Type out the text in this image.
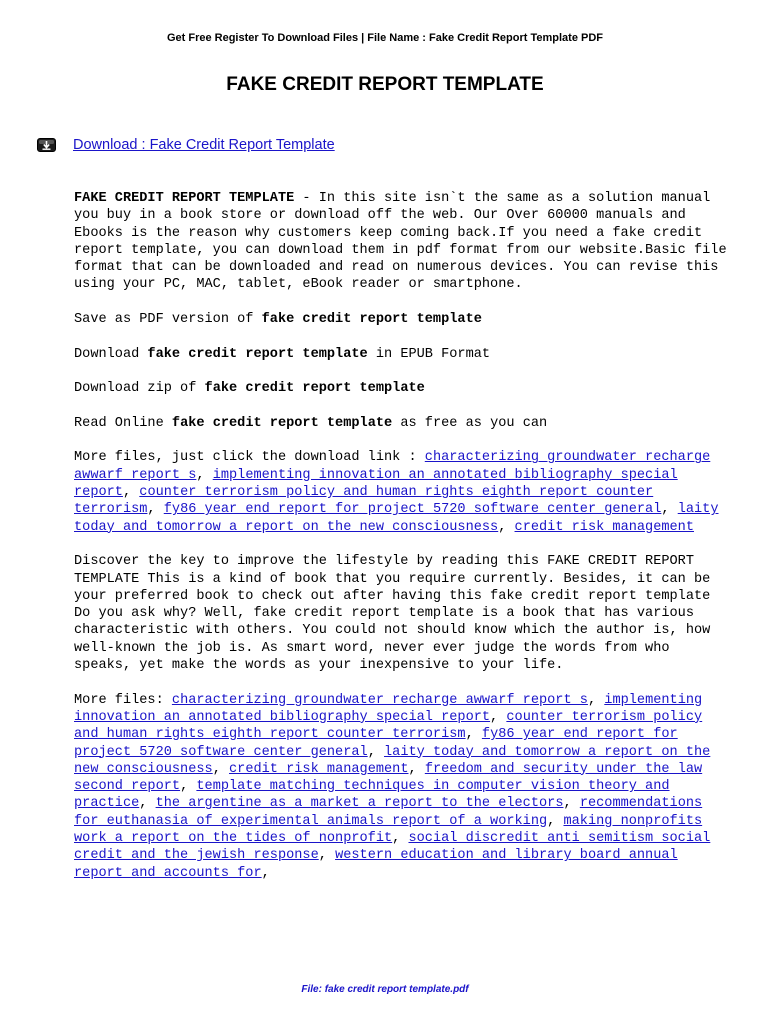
Get Free Register To Download Files | File Name : Fake Credit Report Template PDF
FAKE CREDIT REPORT TEMPLATE
Download : Fake Credit Report Template

FAKE CREDIT REPORT TEMPLATE - In this site isn`t the same as a solution manual you buy in a book store or download off the web. Our Over 60000 manuals and Ebooks is the reason why customers keep coming back.If you need a fake credit report template, you can download them in pdf format from our website.Basic file format that can be downloaded and read on numerous devices. You can revise this using your PC, MAC, tablet, eBook reader or smartphone.

Save as PDF version of fake credit report template

Download fake credit report template in EPUB Format

Download zip of fake credit report template

Read Online fake credit report template as free as you can

More files, just click the download link : characterizing groundwater recharge awwarf report s, implementing innovation an annotated bibliography special report, counter terrorism policy and human rights eighth report counter terrorism, fy86 year end report for project 5720 software center general, laity today and tomorrow a report on the new consciousness, credit risk management

Discover the key to improve the lifestyle by reading this FAKE CREDIT REPORT TEMPLATE This is a kind of book that you require currently. Besides, it can be your preferred book to check out after having this fake credit report template Do you ask why? Well, fake credit report template is a book that has various characteristic with others. You could not should know which the author is, how well-known the job is. As smart word, never ever judge the words from who speaks, yet make the words as your inexpensive to your life.

More files: characterizing groundwater recharge awwarf report s, implementing innovation an annotated bibliography special report, counter terrorism policy and human rights eighth report counter terrorism, fy86 year end report for project 5720 software center general, laity today and tomorrow a report on the new consciousness, credit risk management, freedom and security under the law second report, template matching techniques in computer vision theory and practice, the argentine as a market a report to the electors, recommendations for euthanasia of experimental animals report of a working, making nonprofits work a report on the tides of nonprofit, social discredit anti semitism social credit and the jewish response, western education and library board annual report and accounts for,

File: fake credit report template.pdf
